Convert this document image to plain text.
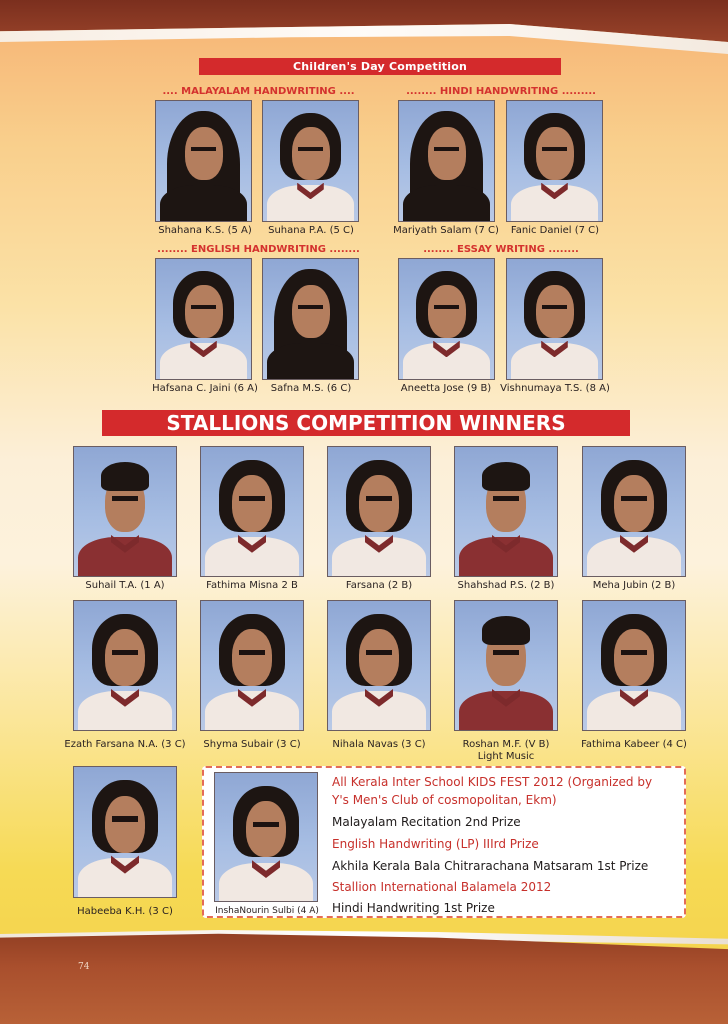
Children's Day Competition
.... MALAYALAM HANDWRITING ....	........ HINDI HANDWRITING .........
........ ENGLISH HANDWRITING ........	........ ESSAY WRITING ........
Shahana K.S. (5 A)	Suhana P.A. (5 C)	Mariyath Salam (7 C)	Fanic Daniel (7 C)
Hafsana C. Jaini (6 A)	Safna M.S. (6 C)	Aneetta Jose (9 B) Vishnumaya T.S. (8 A)
STALLIONS COMPETITION WINNERS
Suhail T.A. (1 A)	Fathima Misna 2 B	Farsana (2 B)	Shahshad P.S. (2 B)	Meha Jubin (2 B)
Ezath Farsana N.A. (3 C)	Shyma Subair (3 C)	Nihala Navas (3 C)	Roshan M.F. (V B)
Light Music
Fathima Kabeer (4 C)
Habeeba K.H. (3 C)	InshaNourin Sulbi (4 A)
All Kerala Inter School KIDS FEST 2012 (Organized by
Y's Men's Club of cosmopolitan, Ekm)
Malayalam Recitation 2nd Prize
English Handwriting (LP) IIIrd Prize
Akhila Kerala Bala Chitrarachana Matsaram 1st Prize
Stallion International Balamela 2012
Hindi Handwriting 1st Prize
74
